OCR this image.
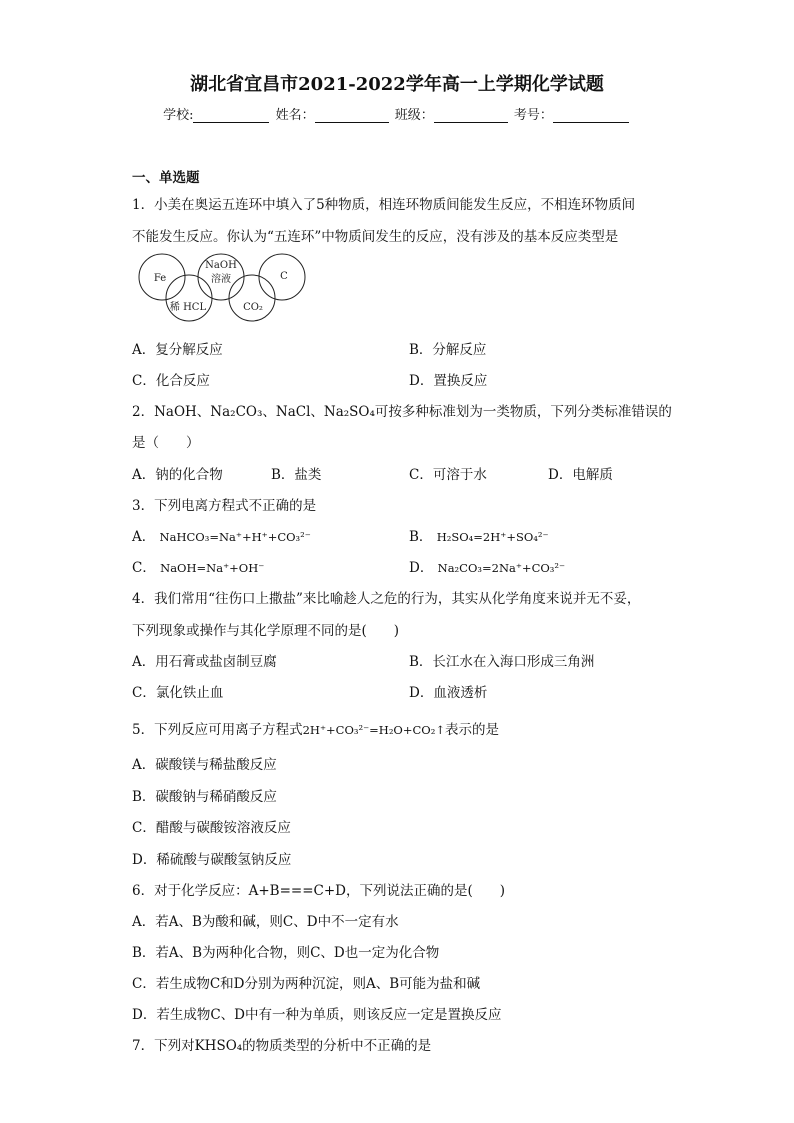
湖北省宜昌市2021-2022学年高一上学期化学试题
学校:	姓名：	班级：	考号：
一、单选题
1．小美在奥运五连环中填入了5种物质，相连环物质间能发生反应，不相连环物质间
不能发生反应。你认为“五连环”中物质间发生的反应，没有涉及的基本反应类型是
Fe
NaOH
溶液	C
稀 HCL	CO₂
A．复分解反应	B．分解反应
C．化合反应	D．置换反应
2．NaOH、Na₂CO₃、NaCl、Na₂SO₄可按多种标准划为一类物质，下列分类标准错误的
是（　　）
A．钠的化合物	B．盐类	C．可溶于水	D．电解质
3．下列电离方程式不正确的是
A． NaHCO₃=Na⁺+H⁺+CO₃²⁻	B． H₂SO₄=2H⁺+SO₄²⁻
C． NaOH=Na⁺+OH⁻	D． Na₂CO₃=2Na⁺+CO₃²⁻
4．我们常用“往伤口上撒盐”来比喻趁人之危的行为，其实从化学角度来说并无不妥，
下列现象或操作与其化学原理不同的是(　　)
A．用石膏或盐卤制豆腐	B．长江水在入海口形成三角洲
C．氯化铁止血	D．血液透析
5．下列反应可用离子方程式2H⁺+CO₃²⁻=H₂O+CO₂↑表示的是
A．碳酸镁与稀盐酸反应
B．碳酸钠与稀硝酸反应
C．醋酸与碳酸铵溶液反应
D．稀硫酸与碳酸氢钠反应
6．对于化学反应：A+B===C+D，下列说法正确的是(　　)
A．若A、B为酸和碱，则C、D中不一定有水
B．若A、B为两种化合物，则C、D也一定为化合物
C．若生成物C和D分别为两种沉淀，则A、B可能为盐和碱
D．若生成物C、D中有一种为单质，则该反应一定是置换反应
7．下列对KHSO₄的物质类型的分析中不正确的是
